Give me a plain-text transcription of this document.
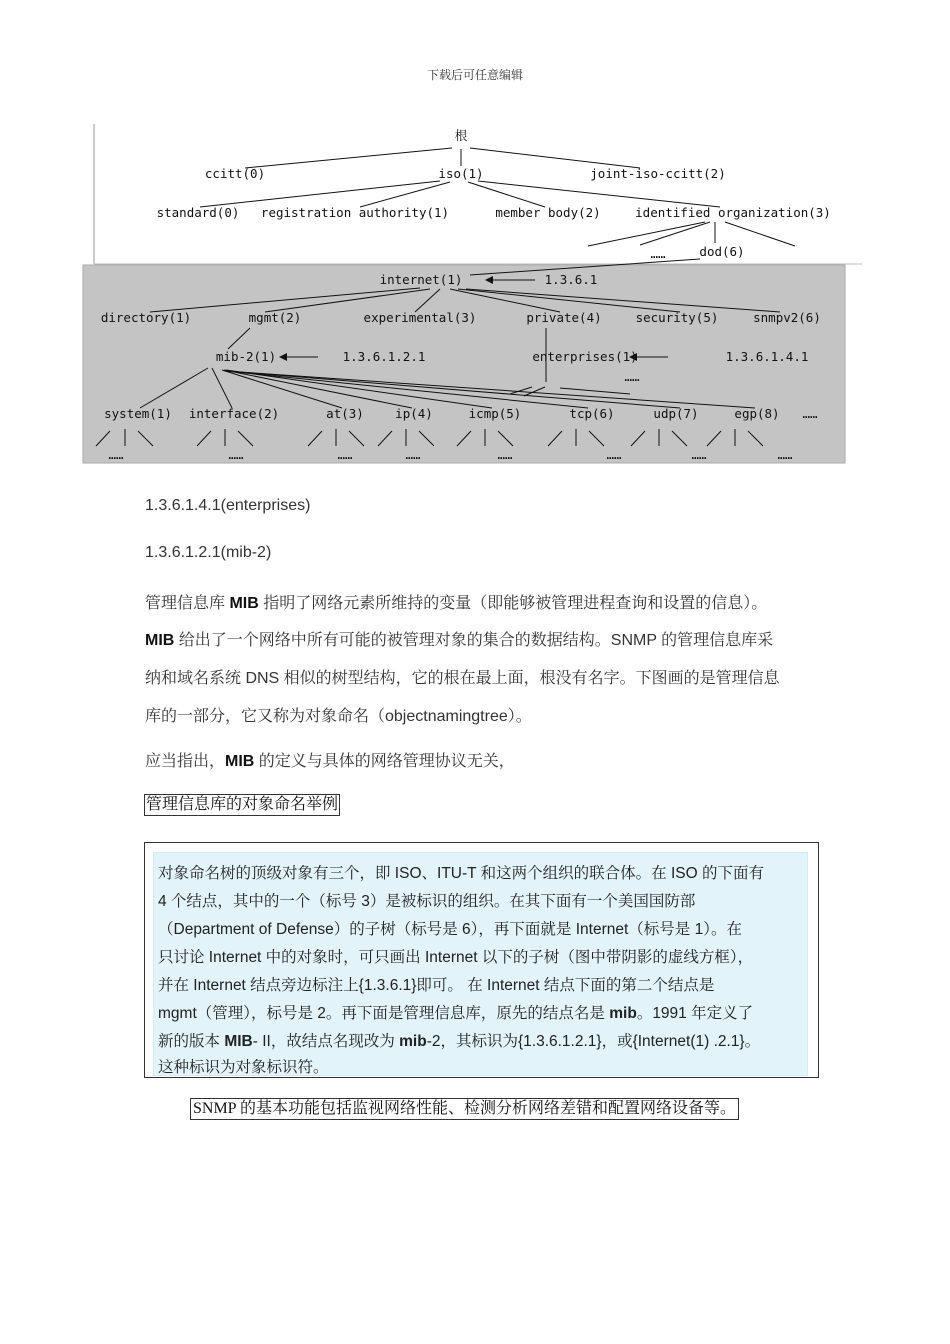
下载后可任意编辑
根
ccitt(0)	iso(1)	joint-iso-ccitt(2)
standard(0) registration authority(1)	member body(2)	identified organization(3)
……	dod(6)
internet(1)	1.3.6.1
directory(1)	mgmt(2)	experimental(3)	private(4)	security(5)	snmpv2(6)
mib-2(1)	1.3.6.1.2.1	enterprises(1)	1.3.6.1.4.1
……
system(1) interface(2)	at(3)	ip(4)	icmp(5)	tcp(6)	udp(7)	egp(8) ……
……	……	……	……	……	……	……	……
1.3.6.1.4.1(enterprises)
1.3.6.1.2.1(mib-2)
管理信息库 MIB 指明了网络元素所维持的变量（即能够被管理进程查询和设置的信息）。
MIB 给出了一个网络中所有可能的被管理对象的集合的数据结构。SNMP 的管理信息库采
纳和域名系统 DNS 相似的树型结构，它的根在最上面，根没有名字。下图画的是管理信息
库的一部分，它又称为对象命名（objectnamingtree）。
应当指出，MIB 的定义与具体的网络管理协议无关，
管理信息库的对象命名举例
对象命名树的顶级对象有三个，即 ISO、ITU-T 和这两个组织的联合体。在 ISO 的下面有
4 个结点，其中的一个（标号 3）是被标识的组织。在其下面有一个美国国防部
（Department of Defense）的子树（标号是 6），再下面就是 Internet（标号是 1）。在
只讨论 Internet 中的对象时，可只画出 Internet 以下的子树（图中带阴影的虚线方框），
并在 Internet 结点旁边标注上{1.3.6.1}即可。 在 Internet 结点下面的第二个结点是
mgmt（管理），标号是 2。再下面是管理信息库，原先的结点名是 mib。1991 年定义了
新的版本 MIB- II，故结点名现改为 mib-2，其标识为{1.3.6.1.2.1}，或{Internet(1) .2.1}。
这种标识为对象标识符。
SNMP 的基本功能包括监视网络性能、检测分析网络差错和配置网络设备等。
